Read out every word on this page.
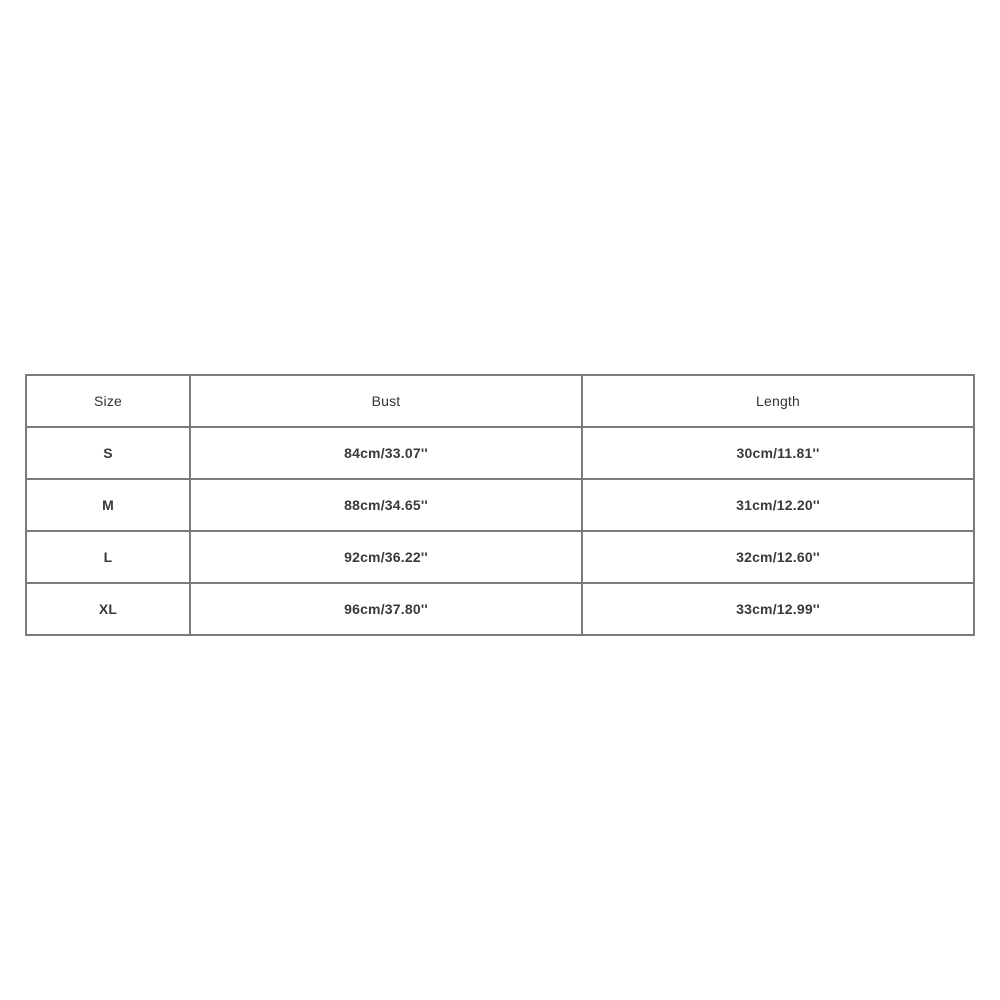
Size	Bust	Length
S	84cm/33.07''	30cm/11.81''
M	88cm/34.65''	31cm/12.20''
L	92cm/36.22''	32cm/12.60''
XL	96cm/37.80''	33cm/12.99''
